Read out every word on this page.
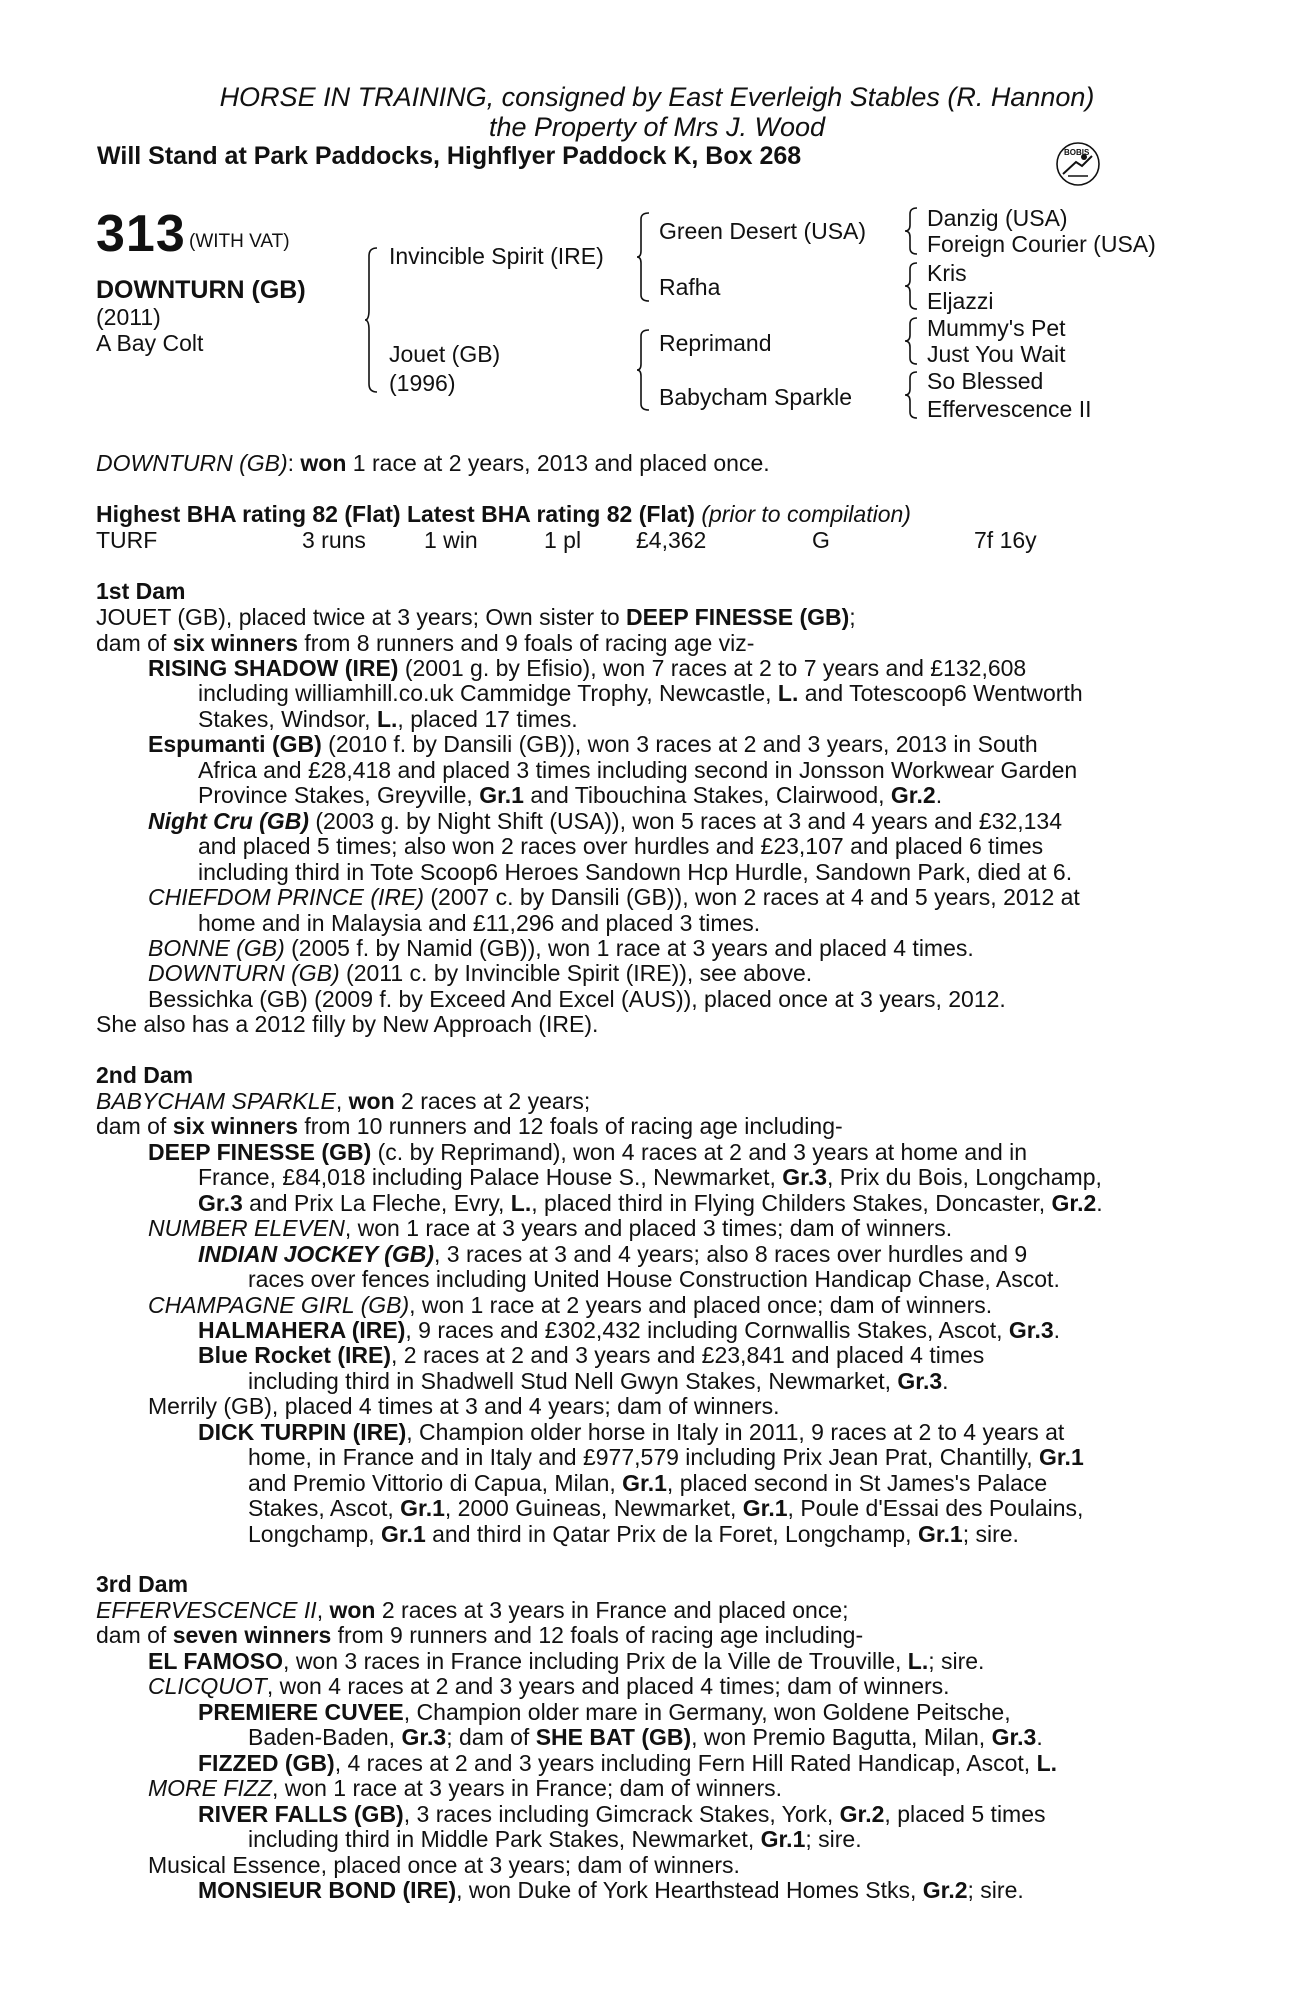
HORSE IN TRAINING, consigned by East Everleigh Stables (R. Hannon)
the Property of Mrs J. Wood
Will Stand at Park Paddocks, Highflyer Paddock K, Box 268	BOBIS
313 (WITH VAT)
DOWNTURN (GB)
(2011)
A Bay Colt
Invincible Spirit (IRE)
Jouet (GB)
(1996)
Green Desert (USA)
Rafha
Reprimand
Babycham Sparkle
Danzig (USA)
Foreign Courier (USA)
Kris
Eljazzi
Mummy's Pet
Just You Wait
So Blessed
Effervescence II
DOWNTURN (GB): won 1 race at 2 years, 2013 and placed once.
Highest BHA rating 82 (Flat) Latest BHA rating 82 (Flat) (prior to compilation)
TURF	3 runs	1 win	1 pl £4,362	G	7f 16y
1st Dam
JOUET (GB), placed twice at 3 years; Own sister to DEEP FINESSE (GB);
dam of six winners from 8 runners and 9 foals of racing age viz-
RISING SHADOW (IRE) (2001 g. by Efisio), won 7 races at 2 to 7 years and £132,608
including williamhill.co.uk Cammidge Trophy, Newcastle, L. and Totescoop6 Wentworth
Stakes, Windsor, L., placed 17 times.
Espumanti (GB) (2010 f. by Dansili (GB)), won 3 races at 2 and 3 years, 2013 in South
Africa and £28,418 and placed 3 times including second in Jonsson Workwear Garden
Province Stakes, Greyville, Gr.1 and Tibouchina Stakes, Clairwood, Gr.2.
Night Cru (GB) (2003 g. by Night Shift (USA)), won 5 races at 3 and 4 years and £32,134
and placed 5 times; also won 2 races over hurdles and £23,107 and placed 6 times
including third in Tote Scoop6 Heroes Sandown Hcp Hurdle, Sandown Park, died at 6.
CHIEFDOM PRINCE (IRE) (2007 c. by Dansili (GB)), won 2 races at 4 and 5 years, 2012 at
home and in Malaysia and £11,296 and placed 3 times.
BONNE (GB) (2005 f. by Namid (GB)), won 1 race at 3 years and placed 4 times.
DOWNTURN (GB) (2011 c. by Invincible Spirit (IRE)), see above.
Bessichka (GB) (2009 f. by Exceed And Excel (AUS)), placed once at 3 years, 2012.
She also has a 2012 filly by New Approach (IRE).
2nd Dam
BABYCHAM SPARKLE, won 2 races at 2 years;
dam of six winners from 10 runners and 12 foals of racing age including-
DEEP FINESSE (GB) (c. by Reprimand), won 4 races at 2 and 3 years at home and in
France, £84,018 including Palace House S., Newmarket, Gr.3, Prix du Bois, Longchamp,
Gr.3 and Prix La Fleche, Evry, L., placed third in Flying Childers Stakes, Doncaster, Gr.2.
NUMBER ELEVEN, won 1 race at 3 years and placed 3 times; dam of winners.
INDIAN JOCKEY (GB), 3 races at 3 and 4 years; also 8 races over hurdles and 9
races over fences including United House Construction Handicap Chase, Ascot.
CHAMPAGNE GIRL (GB), won 1 race at 2 years and placed once; dam of winners.
HALMAHERA (IRE), 9 races and £302,432 including Cornwallis Stakes, Ascot, Gr.3.
Blue Rocket (IRE), 2 races at 2 and 3 years and £23,841 and placed 4 times
including third in Shadwell Stud Nell Gwyn Stakes, Newmarket, Gr.3.
Merrily (GB), placed 4 times at 3 and 4 years; dam of winners.
DICK TURPIN (IRE), Champion older horse in Italy in 2011, 9 races at 2 to 4 years at
home, in France and in Italy and £977,579 including Prix Jean Prat, Chantilly, Gr.1
and Premio Vittorio di Capua, Milan, Gr.1, placed second in St James's Palace
Stakes, Ascot, Gr.1, 2000 Guineas, Newmarket, Gr.1, Poule d'Essai des Poulains,
Longchamp, Gr.1 and third in Qatar Prix de la Foret, Longchamp, Gr.1; sire.
3rd Dam
EFFERVESCENCE II, won 2 races at 3 years in France and placed once;
dam of seven winners from 9 runners and 12 foals of racing age including-
EL FAMOSO, won 3 races in France including Prix de la Ville de Trouville, L.; sire.
CLICQUOT, won 4 races at 2 and 3 years and placed 4 times; dam of winners.
PREMIERE CUVEE, Champion older mare in Germany, won Goldene Peitsche,
Baden-Baden, Gr.3; dam of SHE BAT (GB), won Premio Bagutta, Milan, Gr.3.
FIZZED (GB), 4 races at 2 and 3 years including Fern Hill Rated Handicap, Ascot, L.
MORE FIZZ, won 1 race at 3 years in France; dam of winners.
RIVER FALLS (GB), 3 races including Gimcrack Stakes, York, Gr.2, placed 5 times
including third in Middle Park Stakes, Newmarket, Gr.1; sire.
Musical Essence, placed once at 3 years; dam of winners.
MONSIEUR BOND (IRE), won Duke of York Hearthstead Homes Stks, Gr.2; sire.
